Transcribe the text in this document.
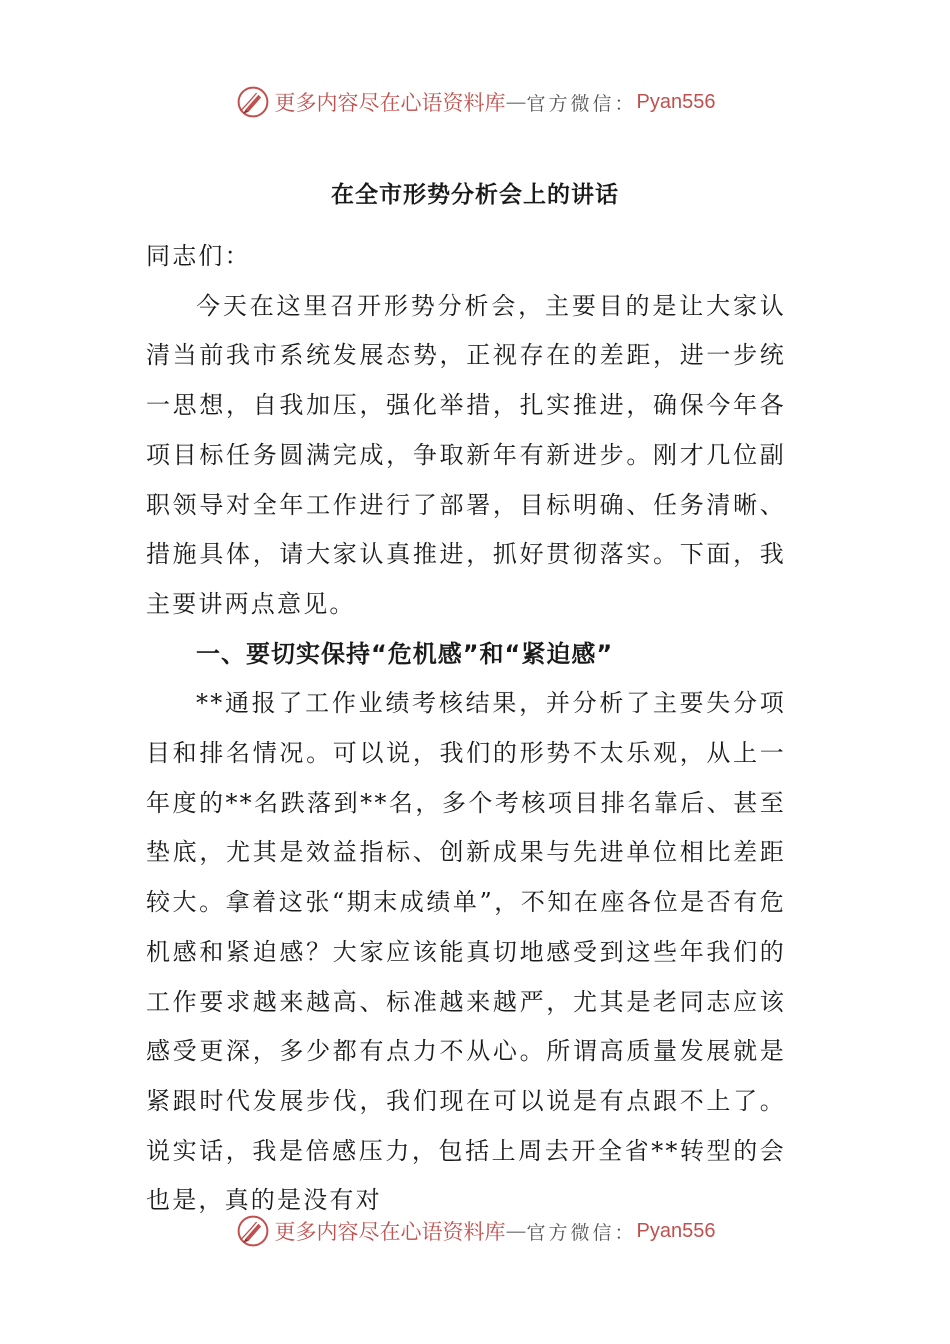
更多内容尽在心语资料库 — 官方微信： Pyan556
在全市形势分析会上的讲话

同志们：

今天在这里召开形势分析会，主要目的是让大家认清当前我市系统发展态势，正视存在的差距，进一步统一思想，自我加压，强化举措，扎实推进，确保今年各项目标任务圆满完成，争取新年有新进步。刚才几位副职领导对全年工作进行了部署，目标明确、任务清晰、措施具体，请大家认真推进，抓好贯彻落实。下面，我主要讲两点意见。

一、要切实保持“危机感”和“紧迫感”

**通报了工作业绩考核结果，并分析了主要失分项目和排名情况。可以说，我们的形势不太乐观，从上一年度的**名跌落到**名，多个考核项目排名靠后、甚至垫底，尤其是效益指标、创新成果与先进单位相比差距较大。拿着这张“期末成绩单”，不知在座各位是否有危机感和紧迫感？大家应该能真切地感受到这些年我们的工作要求越来越高、标准越来越严，尤其是老同志应该感受更深，多少都有点力不从心。所谓高质量发展就是紧跟时代发展步伐，我们现在可以说是有点跟不上了。说实话，我是倍感压力，包括上周去开全省**转型的会也是，真的是没有对

更多内容尽在心语资料库 — 官方微信： Pyan556
